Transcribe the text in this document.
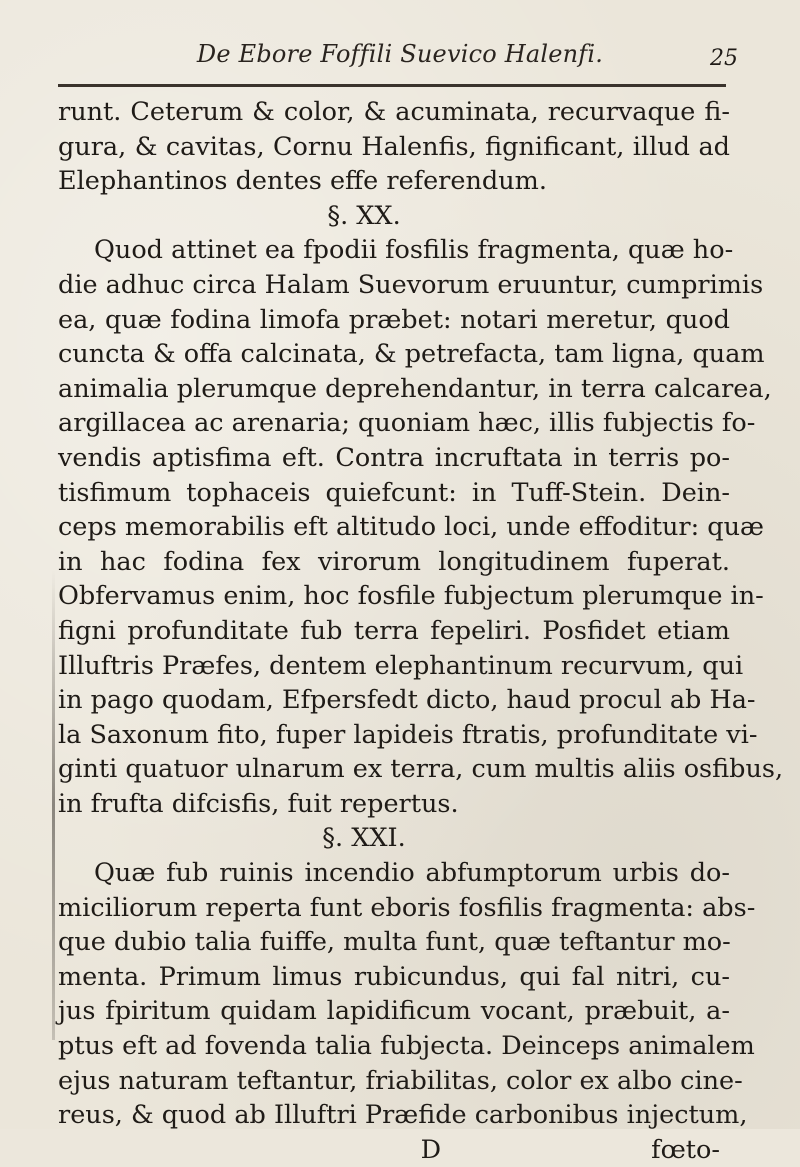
De Ebore Foffili Suevico Halenfi.	25
runt. Ceterum & color, & acuminata, recurvaque fi-
gura, & cavitas, Cornu Halenfis, fignificant, illud ad
Elephantinos dentes effe referendum.
§. XX.
Quod attinet ea fpodii fosfilis fragmenta, quæ ho-
die adhuc circa Halam Suevorum eruuntur, cumprimis
ea, quæ fodina limofa præbet: notari meretur, quod
cuncta & offa calcinata, & petrefacta, tam ligna, quam
animalia plerumque deprehendantur, in terra calcarea,
argillacea ac arenaria; quoniam hæc, illis fubjectis fo-
vendis aptisfima eft. Contra incruftata in terris po-
tisfimum tophaceis quiefcunt: in Tuff-Stein. Dein-
ceps memorabilis eft altitudo loci, unde effoditur: quæ
in hac fodina fex virorum longitudinem fuperat.
Obfervamus enim, hoc fosfile fubjectum plerumque in-
figni profunditate fub terra fepeliri. Posfidet etiam
Illuftris Præfes, dentem elephantinum recurvum, qui
in pago quodam, Efpersfedt dicto, haud procul ab Ha-
la Saxonum fito, fuper lapideis ftratis, profunditate vi-
ginti quatuor ulnarum ex terra, cum multis aliis osfibus,
in frufta difcisfis, fuit repertus.
§. XXI.
Quæ fub ruinis incendio abfumptorum urbis do-
miciliorum reperta funt eboris fosfilis fragmenta: abs-
que dubio talia fuiffe, multa funt, quæ teftantur mo-
menta. Primum limus rubicundus, qui fal nitri, cu-
jus fpiritum quidam lapidificum vocant, præbuit, a-
ptus eft ad fovenda talia fubjecta. Deinceps animalem
ejus naturam teftantur, friabilitas, color ex albo cine-
reus, & quod ab Illuftri Præfide carbonibus injectum,
D	fœto-
